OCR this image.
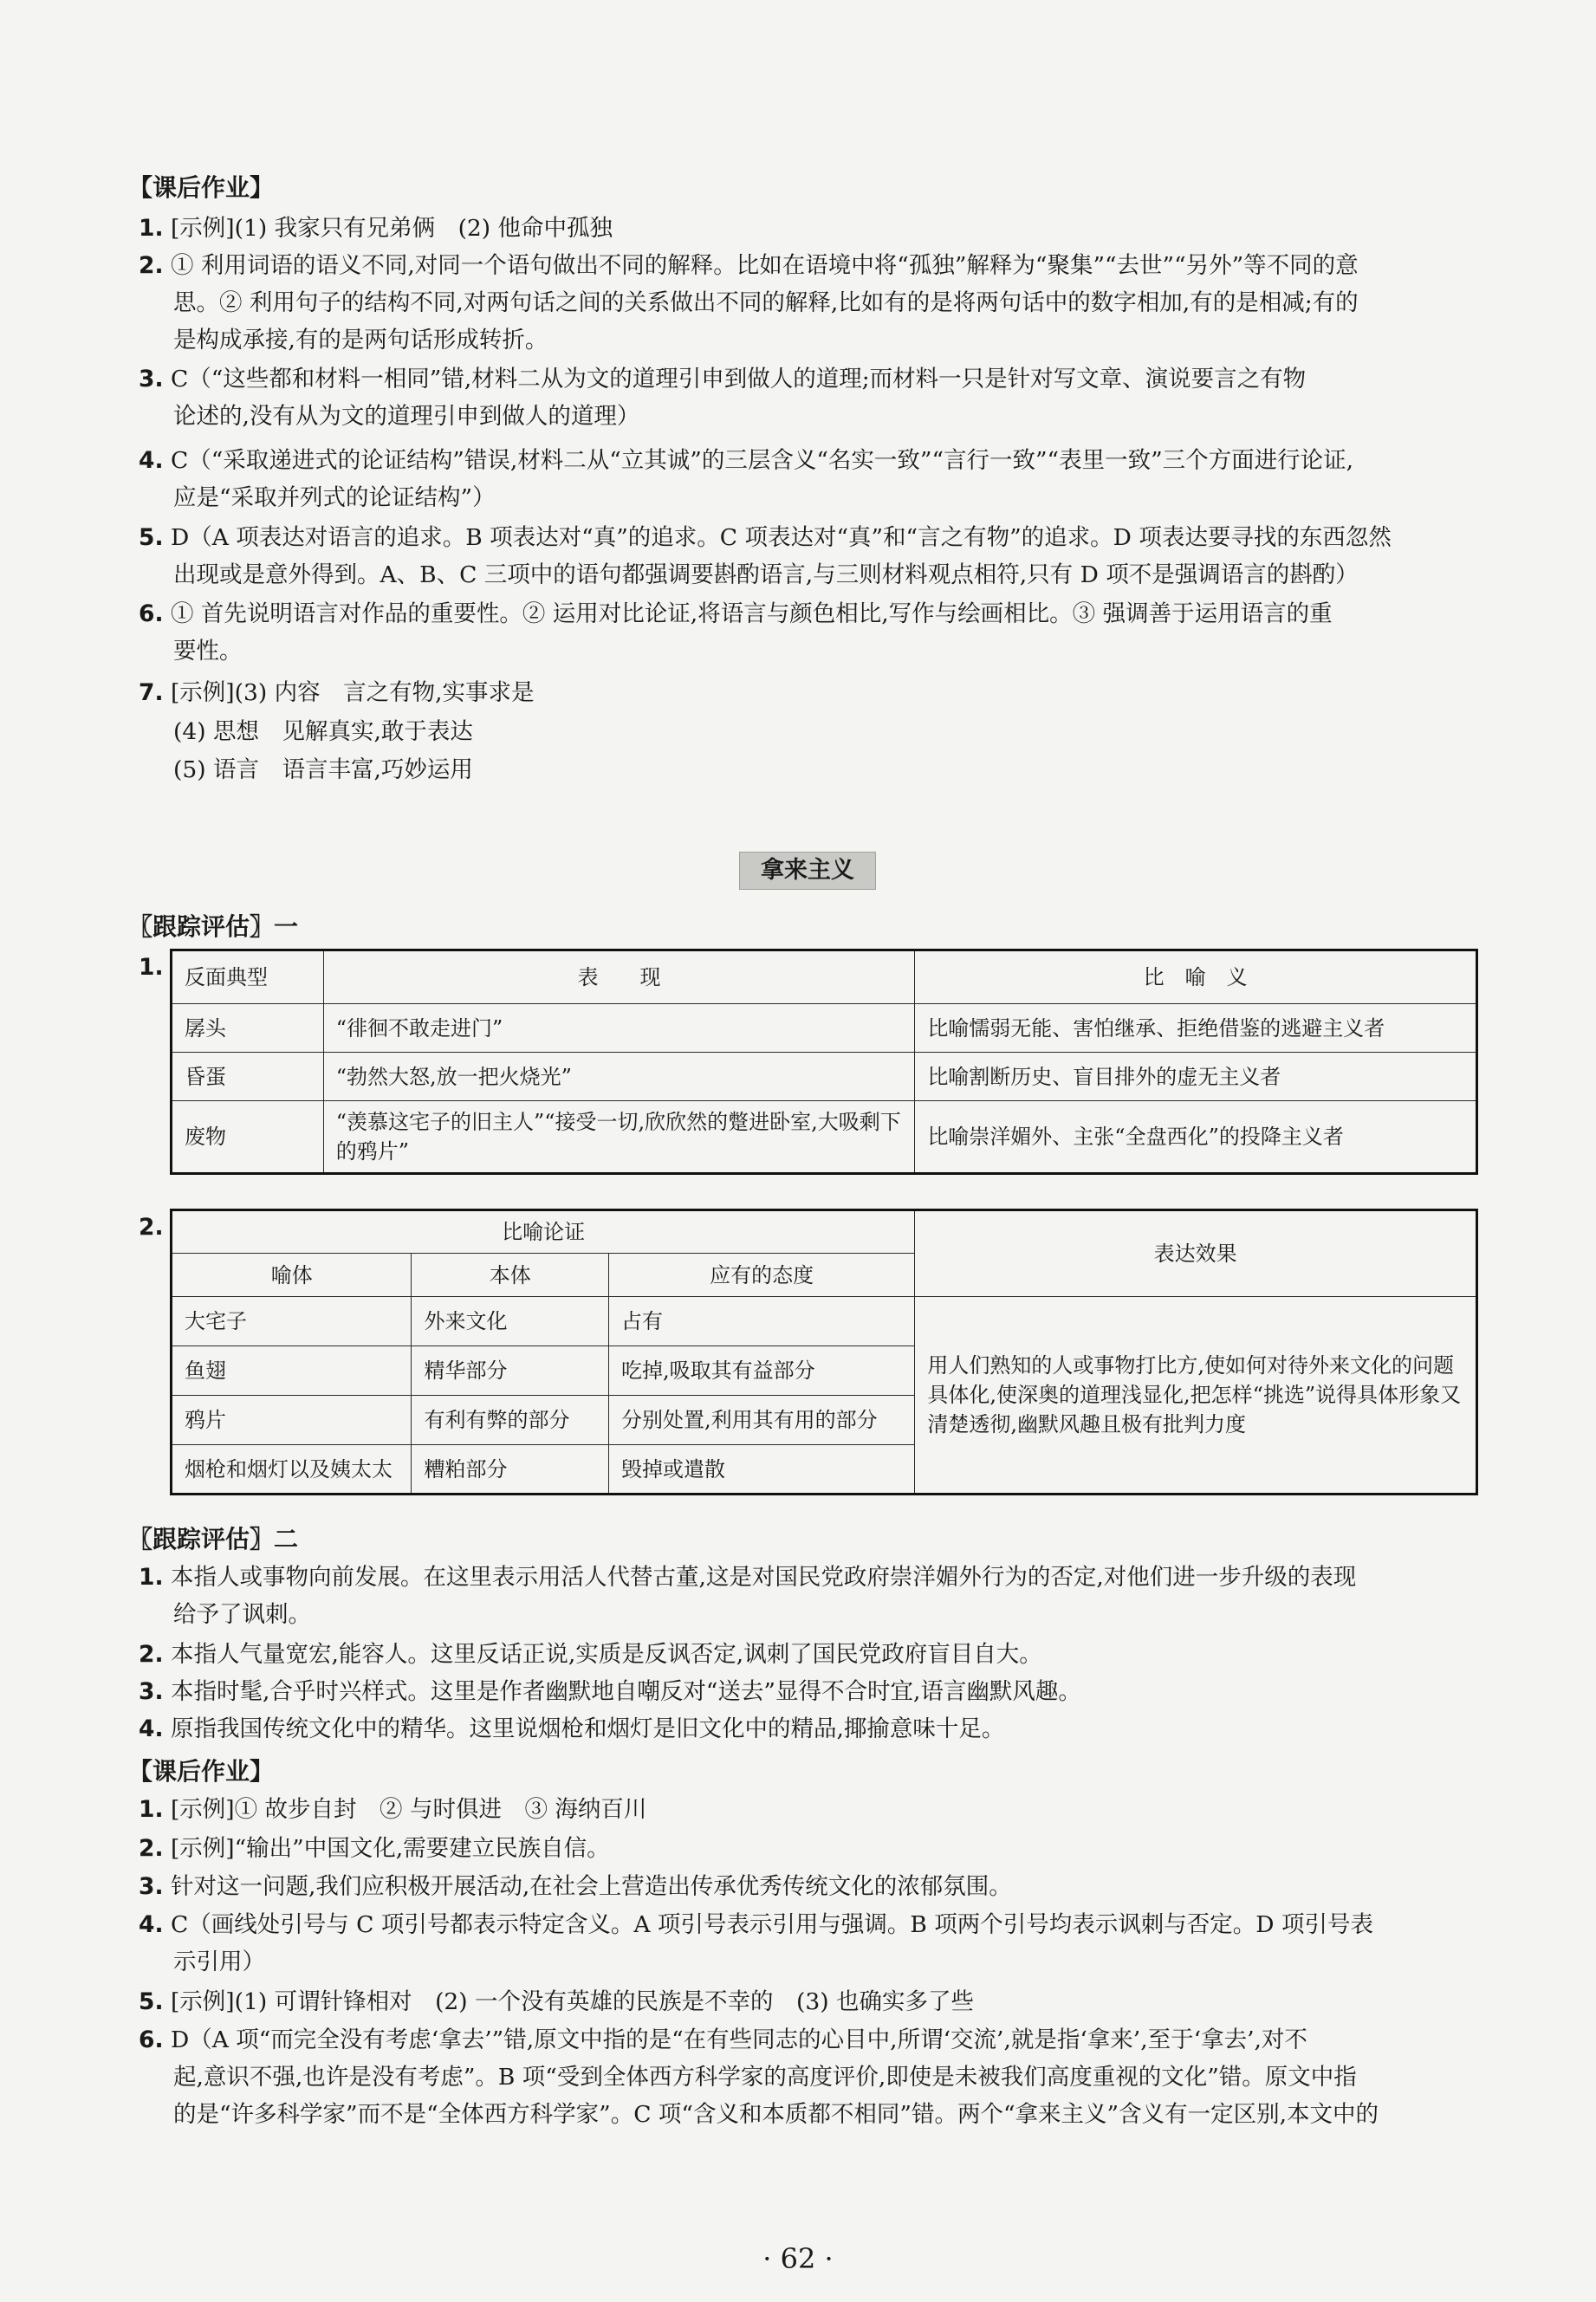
【课后作业】
1. [示例](1) 我家只有兄弟俩　(2) 他命中孤独
2. ① 利用词语的语义不同,对同一个语句做出不同的解释。比如在语境中将“孤独”解释为“聚集”“去世”“另外”等不同的意
思。② 利用句子的结构不同,对两句话之间的关系做出不同的解释,比如有的是将两句话中的数字相加,有的是相减;有的
是构成承接,有的是两句话形成转折。
3. C（“这些都和材料一相同”错,材料二从为文的道理引申到做人的道理;而材料一只是针对写文章、演说要言之有物
论述的,没有从为文的道理引申到做人的道理）
4. C（“采取递进式的论证结构”错误,材料二从“立其诚”的三层含义“名实一致”“言行一致”“表里一致”三个方面进行论证,
应是“采取并列式的论证结构”）
5. D（A 项表达对语言的追求。B 项表达对“真”的追求。C 项表达对“真”和“言之有物”的追求。D 项表达要寻找的东西忽然
出现或是意外得到。A、B、C 三项中的语句都强调要斟酌语言,与三则材料观点相符,只有 D 项不是强调语言的斟酌）
6. ① 首先说明语言对作品的重要性。② 运用对比论证,将语言与颜色相比,写作与绘画相比。③ 强调善于运用语言的重
要性。
7. [示例](3) 内容　言之有物,实事求是
(4) 思想　见解真实,敢于表达
(5) 语言　语言丰富,巧妙运用
拿来主义
〖跟踪评估〗一
1. 反面典型	表　　现	比　喻　义
孱头	“徘徊不敢走进门”	比喻懦弱无能、害怕继承、拒绝借鉴的逃避主义者
昏蛋	“勃然大怒,放一把火烧光”	比喻割断历史、盲目排外的虚无主义者
废物	“羡慕这宅子的旧主人”“接受一切,欣欣然的蹩进卧室,大吸剩下的鸦片”	比喻崇洋媚外、主张“全盘西化”的投降主义者
2.	比喻论证			表达效果
喻体	本体	应有的态度	
大宅子	外来文化	占有	用人们熟知的人或事物打比方,使如何对待外来文化的问题具体化,使深奥的道理浅显化,把怎样“挑选”说得具体形象又清楚透彻,幽默风趣且极有批判力度
鱼翅	精华部分	吃掉,吸取其有益部分	
鸦片	有利有弊的部分	分别处置,利用其有用的部分	
烟枪和烟灯以及姨太太	糟粕部分	毁掉或遣散	
〖跟踪评估〗二
1. 本指人或事物向前发展。在这里表示用活人代替古董,这是对国民党政府崇洋媚外行为的否定,对他们进一步升级的表现
给予了讽刺。
2. 本指人气量宽宏,能容人。这里反话正说,实质是反讽否定,讽刺了国民党政府盲目自大。
3. 本指时髦,合乎时兴样式。这里是作者幽默地自嘲反对“送去”显得不合时宜,语言幽默风趣。
4. 原指我国传统文化中的精华。这里说烟枪和烟灯是旧文化中的精品,揶揄意味十足。
【课后作业】
1. [示例]① 故步自封　② 与时俱进　③ 海纳百川
2. [示例]“输出”中国文化,需要建立民族自信。
3. 针对这一问题,我们应积极开展活动,在社会上营造出传承优秀传统文化的浓郁氛围。
4. C（画线处引号与 C 项引号都表示特定含义。A 项引号表示引用与强调。B 项两个引号均表示讽刺与否定。D 项引号表
示引用）
5. [示例](1) 可谓针锋相对　(2) 一个没有英雄的民族是不幸的　(3) 也确实多了些
6. D（A 项“而完全没有考虑‘拿去’”错,原文中指的是“在有些同志的心目中,所谓‘交流’,就是指‘拿来’,至于‘拿去’,对不
起,意识不强,也许是没有考虑”。B 项“受到全体西方科学家的高度评价,即使是未被我们高度重视的文化”错。原文中指
的是“许多科学家”而不是“全体西方科学家”。C 项“含义和本质都不相同”错。两个“拿来主义”含义有一定区别,本文中的
· 62 ·
